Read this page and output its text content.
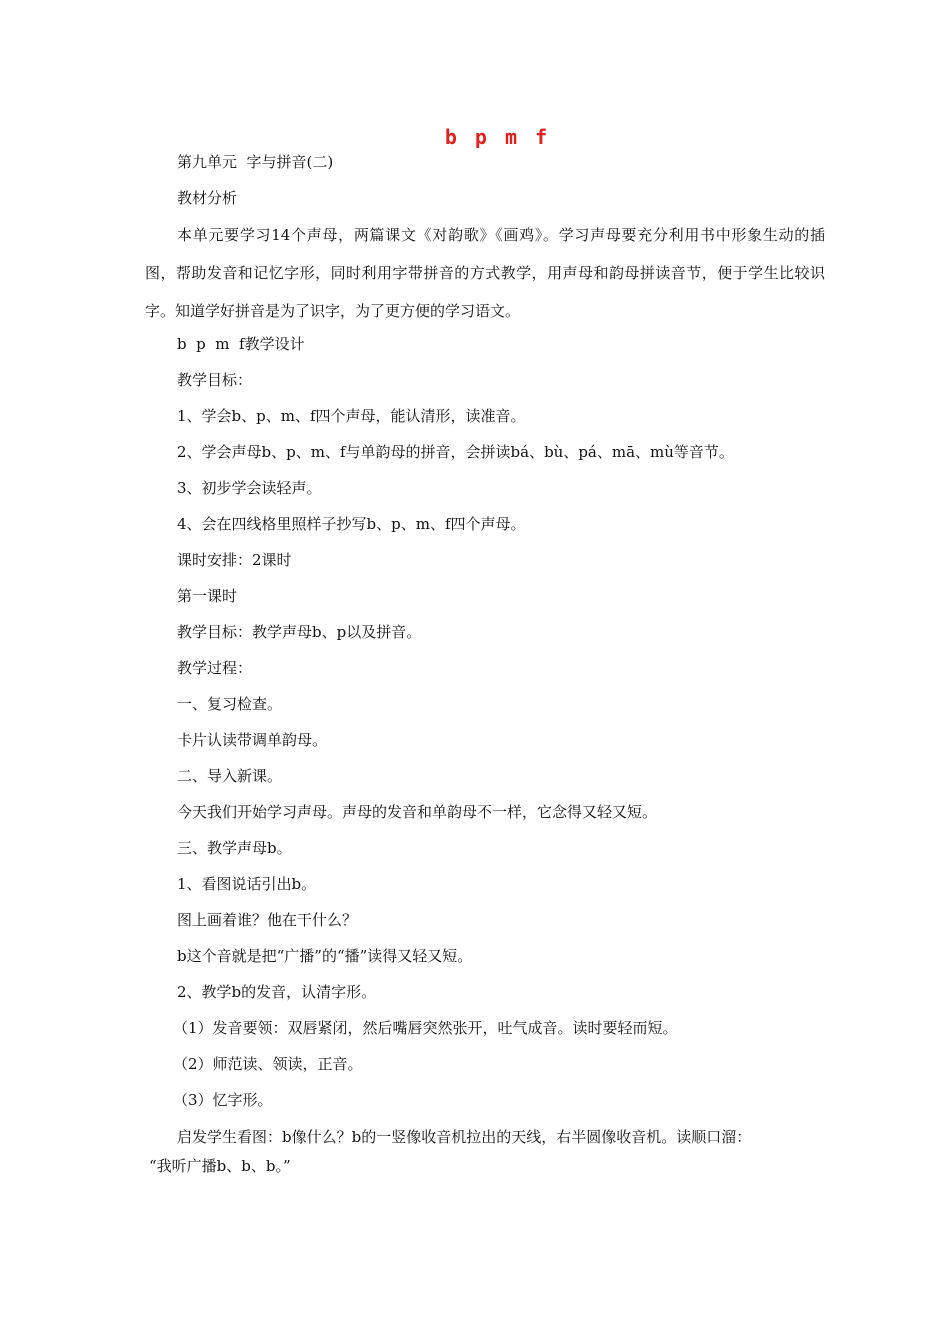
b p m f
第九单元  字与拼音(二)
教材分析
本单元要学习14个声母，两篇课文《对韵歌》《画鸡》。学习声母要充分利用书中形象生动的插图，帮助发音和记忆字形，同时利用字带拼音的方式教学，用声母和韵母拼读音节，便于学生比较识字。知道学好拼音是为了识字，为了更方便的学习语文。
b  p  m  f教学设计
教学目标：
1、学会b、p、m、f四个声母，能认清形，读准音。
2、学会声母b、p、m、f与单韵母的拼音，会拼读bá、bù、pá、mā、mù等音节。
3、初步学会读轻声。
4、会在四线格里照样子抄写b、p、m、f四个声母。
课时安排：2课时
第一课时
教学目标：教学声母b、p以及拼音。
教学过程：
一、复习检查。
卡片认读带调单韵母。
二、导入新课。
今天我们开始学习声母。声母的发音和单韵母不一样，它念得又轻又短。
三、教学声母b。
1、看图说话引出b。
图上画着谁？他在干什么？
b这个音就是把“广播”的“播”读得又轻又短。
2、教学b的发音，认清字形。
（1）发音要领：双唇紧闭，然后嘴唇突然张开，吐气成音。读时要轻而短。
（2）师范读、领读，正音。
（3）忆字形。
启发学生看图：b像什么？b的一竖像收音机拉出的天线，右半圆像收音机。读顺口溜：
“我听广播b、b、b。”
